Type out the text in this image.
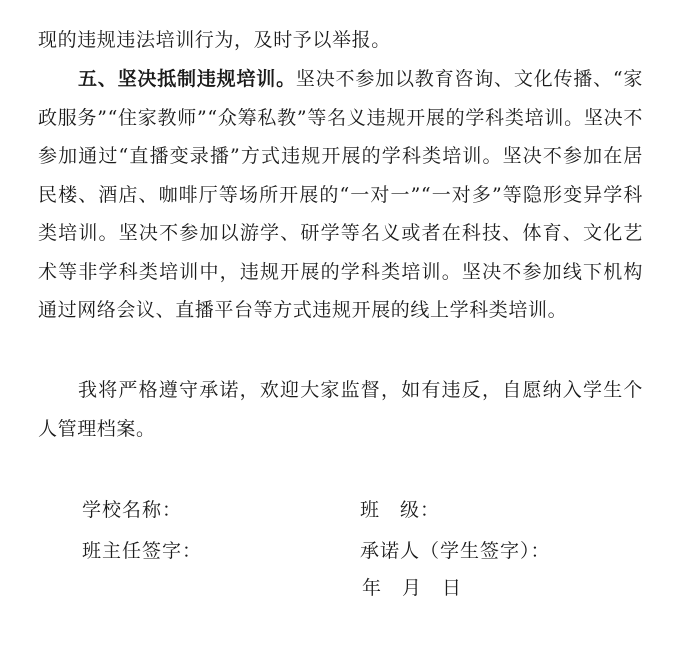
现的违规违法培训行为，及时予以举报。

五、坚决抵制违规培训。坚决不参加以教育咨询、文化传播、“家政服务”“住家教师”“众筹私教”等名义违规开展的学科类培训。坚决不参加通过“直播变录播”方式违规开展的学科类培训。坚决不参加在居民楼、酒店、咖啡厅等场所开展的“一对一”“一对多”等隐形变异学科类培训。坚决不参加以游学、研学等名义或者在科技、体育、文化艺术等非学科类培训中，违规开展的学科类培训。坚决不参加线下机构通过网络会议、直播平台等方式违规开展的线上学科类培训。

我将严格遵守承诺，欢迎大家监督，如有违反，自愿纳入学生个人管理档案。

学校名称：	班　级：
班主任签字：	承诺人（学生签字）：
年　月　日
